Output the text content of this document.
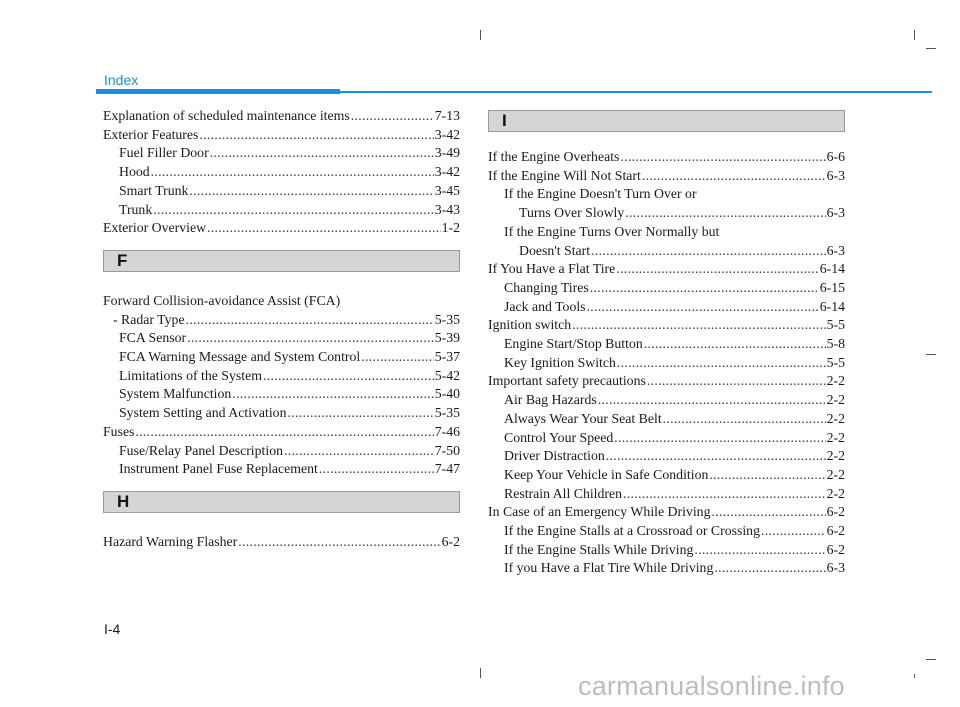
Index
Explanation of scheduled maintenance items .....	7-13
Exterior Features .....	3-42
Fuel Filler Door .....	3-49
Hood .....	3-42
Smart Trunk .....	3-45
Trunk .....	3-43
Exterior Overview .....	1-2
F
Forward Collision-avoidance Assist (FCA)
- Radar Type .....	5-35
FCA Sensor .....	5-39
FCA Warning Message and System Control .....	5-37
Limitations of the System .....	5-42
System Malfunction .....	5-40
System Setting and Activation .....	5-35
Fuses .....	7-46
Fuse/Relay Panel Description .....	7-50
Instrument Panel Fuse Replacement .....	7-47
H
Hazard Warning Flasher .....	6-2
I
If the Engine Overheats .....	6-6
If the Engine Will Not Start .....	6-3
If the Engine Doesn't Turn Over or
Turns Over Slowly .....	6-3
If the Engine Turns Over Normally but
Doesn't Start .....	6-3
If You Have a Flat Tire .....	6-14
Changing Tires .....	6-15
Jack and Tools .....	6-14
Ignition switch .....	5-5
Engine Start/Stop Button .....	5-8
Key Ignition Switch .....	5-5
Important safety precautions .....	2-2
Air Bag Hazards .....	2-2
Always Wear Your Seat Belt .....	2-2
Control Your Speed .....	2-2
Driver Distraction .....	2-2
Keep Your Vehicle in Safe Condition .....	2-2
Restrain All Children .....	2-2
In Case of an Emergency While Driving .....	6-2
If the Engine Stalls at a Crossroad or Crossing .....	6-2
If the Engine Stalls While Driving .....	6-2
If you Have a Flat Tire While Driving .....	6-3
I-4
carmanualsonline.info
